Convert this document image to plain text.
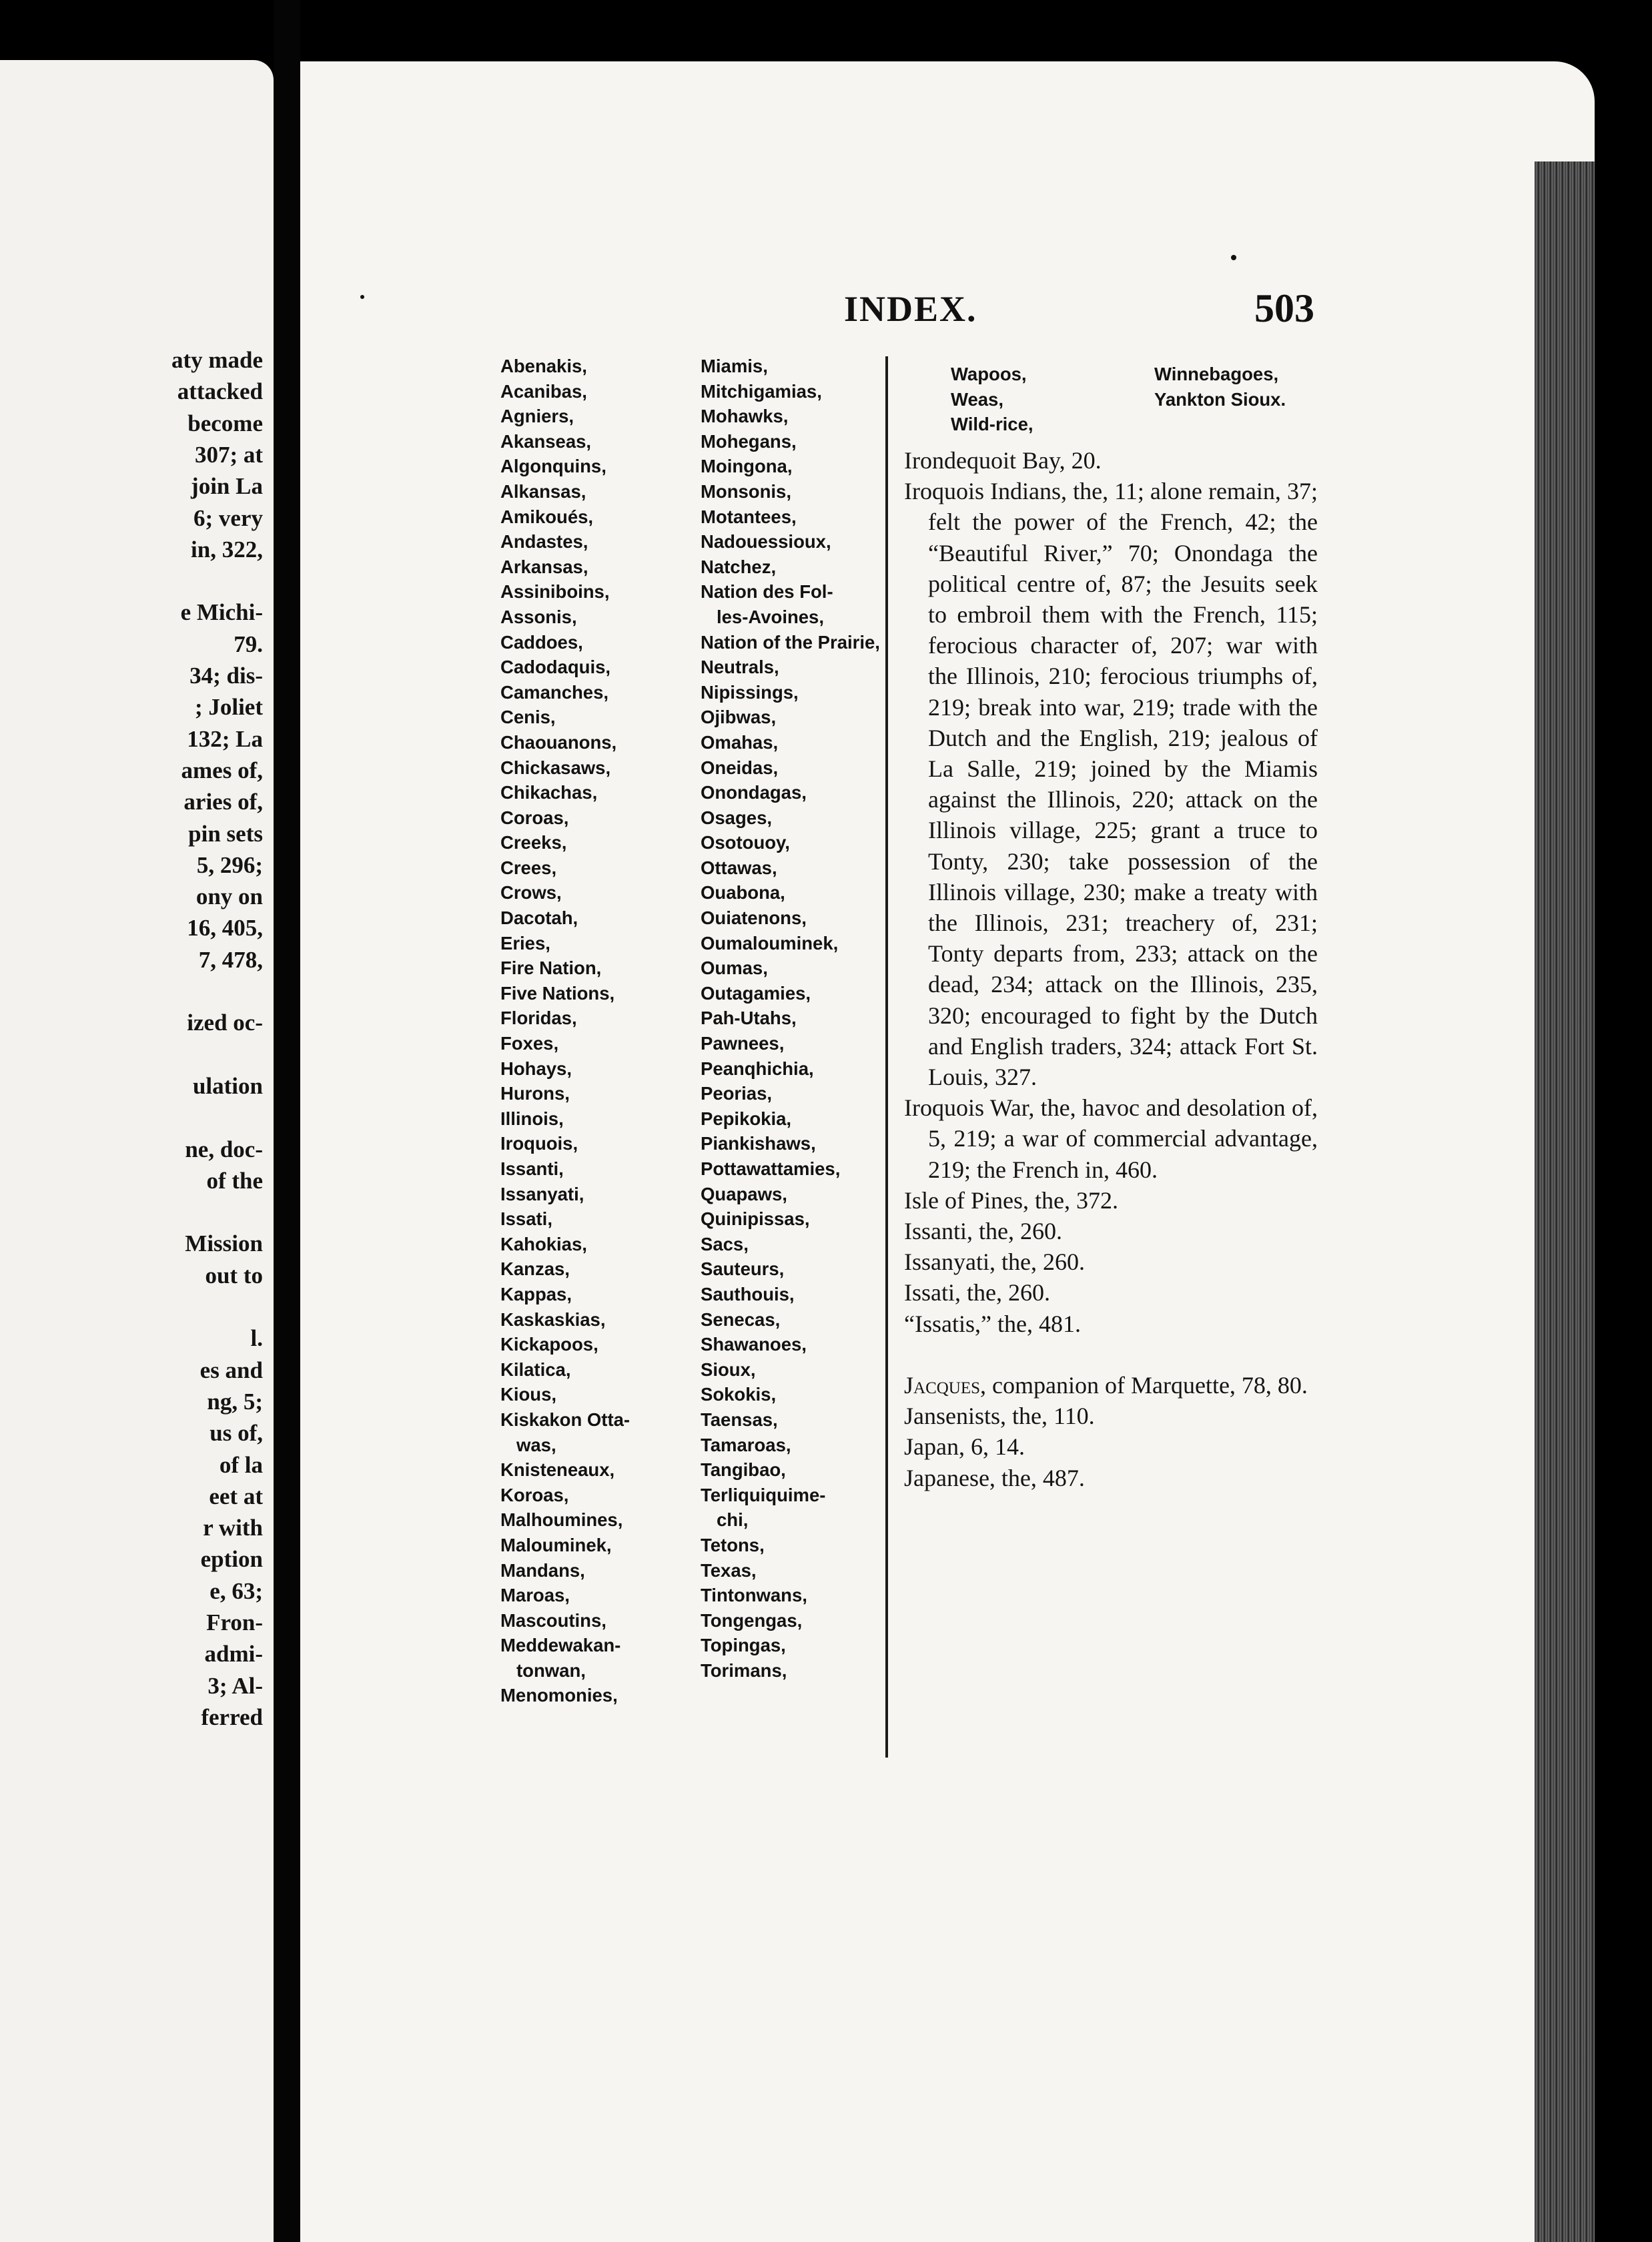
aty made
attacked
become
307; at
join La
6; very
in, 322,
e Michi-
79.
34; dis-
; Joliet
132; La
ames of,
aries of,
pin sets
5, 296;
ony on
16, 405,
7, 478,
ized oc-
ulation
ne, doc-
of the
Mission
out to
l.
es and
ng, 5;
us of,
of la
eet at
r with
eption
e, 63;
Fron-
admi-
3; Al-
ferred
INDEX.	503
Abenakis,
Acanibas,
Agniers,
Akanseas,
Algonquins,
Alkansas,
Amikoués,
Andastes,
Arkansas,
Assiniboins,
Assonis,
Caddoes,
Cadodaquis,
Camanches,
Cenis,
Chaouanons,
Chickasaws,
Chikachas,
Coroas,
Creeks,
Crees,
Crows,
Dacotah,
Eries,
Fire Nation,
Five Nations,
Floridas,
Foxes,
Hohays,
Hurons,
Illinois,
Iroquois,
Issanti,
Issanyati,
Issati,
Kahokias,
Kanzas,
Kappas,
Kaskaskias,
Kickapoos,
Kilatica,
Kious,
Kiskakon Otta-
was,
Knisteneaux,
Koroas,
Malhoumines,
Malouminek,
Mandans,
Maroas,
Mascoutins,
Meddewakan-
tonwan,
Menomonies,
Miamis,
Mitchigamias,
Mohawks,
Mohegans,
Moingona,
Monsonis,
Motantees,
Nadouessioux,
Natchez,
Nation des Fol-
les-Avoines,
Nation of the Prairie,
Neutrals,
Nipissings,
Ojibwas,
Omahas,
Oneidas,
Onondagas,
Osages,
Osotouoy,
Ottawas,
Ouabona,
Ouiatenons,
Oumalouminek,
Oumas,
Outagamies,
Pah-Utahs,
Pawnees,
Peanqhichia,
Peorias,
Pepikokia,
Piankishaws,
Pottawattamies,
Quapaws,
Quinipissas,
Sacs,
Sauteurs,
Sauthouis,
Senecas,
Shawanoes,
Sioux,
Sokokis,
Taensas,
Tamaroas,
Tangibao,
Terliquiquime-
chi,
Tetons,
Texas,
Tintonwans,
Tongengas,
Topingas,
Torimans,
Wapoos,	Winnebagoes,
Weas,	Yankton Sioux.
Wild-rice,
Irondequoit Bay, 20.
Iroquois Indians, the, 11; alone remain, 37; felt the power of the French, 42; the “Beautiful River,” 70; Onondaga the political centre of, 87; the Jesuits seek to embroil them with the French, 115; ferocious character of, 207; war with the Illinois, 210; ferocious triumphs of, 219; break into war, 219; trade with the Dutch and the English, 219; jealous of La Salle, 219; joined by the Miamis against the Illinois, 220; attack on the Illinois village, 225; grant a truce to Tonty, 230; take possession of the Illinois village, 230; make a treaty with the Illinois, 231; treachery of, 231; Tonty departs from, 233; attack on the dead, 234; attack on the Illinois, 235, 320; encouraged to fight by the Dutch and English traders, 324; attack Fort St. Louis, 327.
Iroquois War, the, havoc and desolation of, 5, 219; a war of commercial advantage, 219; the French in, 460.
Isle of Pines, the, 372.
Issanti, the, 260.
Issanyati, the, 260.
Issati, the, 260.
“Issatis,” the, 481.
Jacques, companion of Marquette, 78, 80.
Jansenists, the, 110.
Japan, 6, 14.
Japanese, the, 487.
